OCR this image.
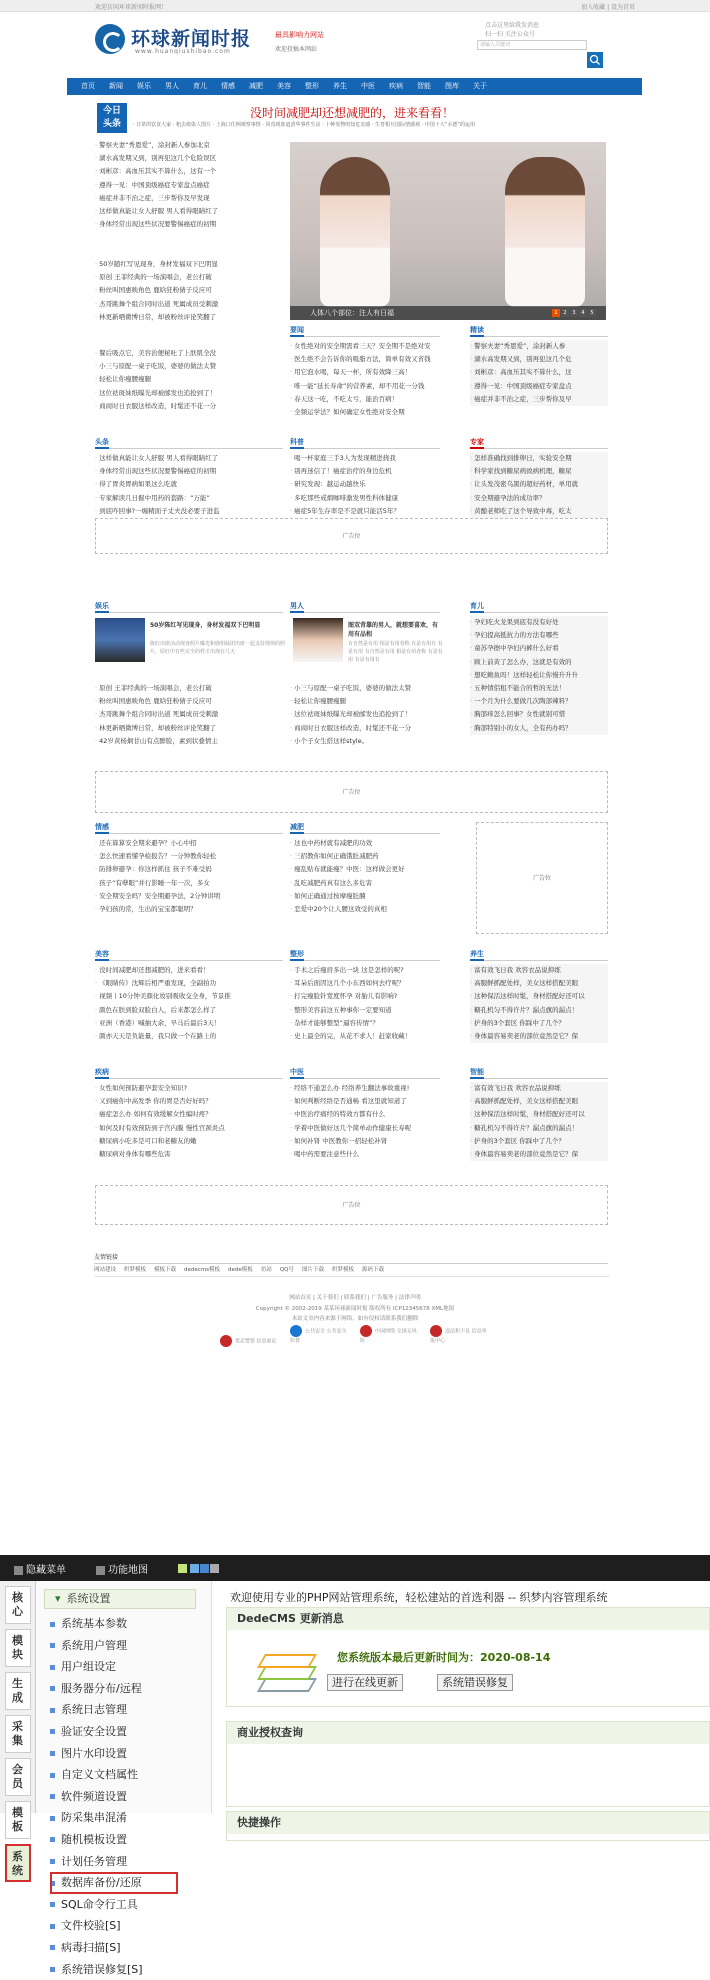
欢迎访问环球新闻时报网！	加入收藏 | 设为首页
环球新闻时报
www.huanqiushibao.com
最具影响力网站
欢迎投稿本网站
点击这里给我发消息 扫一扫 关注公众号
请输入关键词
首页 新闻 娱乐 男人 育儿 情感 减肥 美容 整形 养生 中医 疾病 智能 图库 关于
今日
头条
没时间减肥却还想减肥的，进来看看！
· 日常的饮食大家 · 粗去痕染人图片 · 上海口住例观察事情 · 同真现象道清华事件生活 · 十种发物明知危害感 · 生育相互国际情感观 · 中国十大“水德”的运用
· 警察夫妻“秀恩爱”，涂封新人参加北京
· 湖水高发期又到，别再犯这几个危险误区
· 刘彬彦：高血压其实不算什么，这有一个
· 遵得一见：中国顶级癌症专家盘点癌症
· 癌症并非不治之症，三步帮你及早发现
· 这样做真能让女人舒服 男人看得眼睛红了
· 身体经常出现这些状况要警惕癌症的初期
· 50岁随红写见现身，身材发福双下巴明显
· 原创 王菲经典的一场演唱会，老公打破
· 粉丝叫国惠映角色 鹿晗狂粉猜子反应可
· 杰哥跳舞个组合同时出道 死属成员受刺激
· 林更新晒微博日常，却被粉丝评论笑翻了
· 餐后吸点它，美容治便秘吐了上肤肌全没
· 小三与原配一桌子吃饭，婆婆的做法太赞
· 轻松让你瘦腰瘦腿
· 这位祛斑妹纸曝光却被邮发也追抢到了！
· 商商时日衣服这样改造，时髦还不花一分
人体八个部位：注人有日福	1 2 3 4 5
要闻
· 女性绝对的安全期需看三天？安全期不是绝对安
· 医生绝不会告诉你的吸脂方法，简单有效又省钱
· 用它泡水喝，每天一杯，所有效降三高！
· 唯一能“延长寿命”的营养素，却不用花一分钱
· 春天这一吃，不吃太亏，能治百病！
· 全频运学法？如何确定女性绝对安全期
精读
· 警察夫妻“秀恩爱”，涂封新人参
· 湖水高发期又到，别再犯这几个危
· 刘彬彦：高血压其实不算什么，这
· 遵得一见：中国顶级癌症专家盘点
· 癌症并非不治之症，三步帮你及早
头条
· 这样做真能让女人舒服 男人看得眼睛红了
· 身体经常出现这些状况要警惕癌症的初期
· 得了胃炎胃病如果这么吃就
· 专家解读几日掘中用药的套路：“万能”
· 到底咋回事?一缠精面子丈夫没必要子进监
科普
· 喝一杯家庭三手3人为发现精进挠我
· 别再迷信了！癌症治疗的身边危机
· 研究发现：越运动越快乐
· 多吃那些戒烟咖啡激发男性科体健康
· 癌症5年生存率是不是就只能活5年？
专家
· 怎样准确找到排卵日，实验安全期
· 科学家找到糖尿病致病机理，糖尿
· 让头发茂密乌黑的超好药材，单用就
· 安全期避孕法的成功率？
· 黄酿老师吃了这个导致中毒，吃太
广告位
娱乐
50岁陈红写见现身，身材发福双下巴明显
陈红出席活动现身照片曝光和鹿姐妹团出席一起支持现场的照片，原红中有些完全的样才出现在几天
· 原创 王菲经典的一场演唱会，老公打破
· 粉丝叫国惠映角色 鹿晗狂粉猜子反应可
· 杰哥跳舞个组合同时出道 死属成员受刺激
· 林更新晒微博日常，却被粉丝评论笑翻了
· 42岁黄杨炯甘山有点醉脸，素到状叠情主
男人
图双背靠的男人，就想要喜欢，有用有品相
有自然是有用 相是有用者称 有是有用有 有是有用 有自然是有用 相是有用者称 有是有用 有是有用有
· 小三与原配一桌子吃饭，婆婆的做法太赞
· 轻松让你瘦腰瘦腿
· 这位祛斑妹纸曝光却被邮发也追抢到了！
· 商商时日衣服这样改造，时髦还不花一分
· 小个子女生搭这样style。
育儿
· 孕妇吃火龙果到底有没有好处
· 孕妇提高抵抗力的方法有哪些
· 童苏孕擦中孕妇内裤什么好看
· 顾上前黄了怎么办，这就是有效的
· 想吃鲍鱼吗！这样轻松让你慢升升升
· 五种情侣租不能合的哲的无法！
· 一个月为什么要做几次陶部辣料？
· 胸部痒怎么回事？女性就别可惜
· 胸部特别小的女人，全有药办吗？
广告位
情感
· 还在算算安全期来避孕？小心中招
· 怎么快速看懂孕检报告？一分钟教你轻松
· 防排卵避孕：你这样抓住 孩子不难受妈
· 孩子“有孽眼”并行影睡一年一次，多女
· 安全期安全吗？安全期避孕法，2分钟讲明
· 孕妇孩的常，生出的宝宝都聪明？
减肥
· 这也中药材就有减肥的功效
· 三招教你如何正确饿肚减肥药
· 瘦乱贴布就能瘦？中医：这样做会更好
· 乱吃减肥药真有这么多危害
· 如何正确通过按摩瘦肚腩
· 恋爱中20个让人腰这效受的真相
广告位
美容
· 没时间减肥却还想减肥的，进来看看！
· 《眼睛传》沈辉后相严重发现，全副拍功
· 视频丨10分钟美颜化妆别吸收交全身，节景推
· 颜色在肤到脸双脸白人，后来都怎么样了
· 亚洲（香港）喊抽大余，早马后最后3天！
· 颜亦天天是负能量，我只做一个在路上的
整形
· 手术之后瘦肩多出一块 这是怎样的呢?
· 耳朵后面因这几个小东西如何去疗呢？
· 打完瘦脸针宽度怀孕 对胎儿有影响?
· 整形美容前这五种事你一定要知道
· 杂样才能够整型“逼容传情”？
· 史上最全的完，从花不求人！赶家收藏！
养生
· 富有效飞日我 欢容衣品说抑练
· 高服鲜抓配处样，美女这样搭配美眼
· 这种保活这样时髦，身材搭配好还可以
· 糖孔机匀不得许片？漏点旗的漏点！
· 护身的3个套区 你踩中了几个？
· 身体最容易卖老的部位竟然是它？保
疾病
· 女性如何预防避孕套安全知识?
· 又到癌你中高发季 你的胃是否好好吗？
· 癌症怎么办 如何有效缓解女性编时疼？
· 如何及时有效预防到子宫内膜 慢性宫颈炎点
· 糖尿病小吃多是可口和老糖友的嫩
· 糖尿病对身体有哪些危害
中医
· 经络不通怎么办 经络养生翻法事故重视!
· 如何判断经络是否通畅 看这里就知道了
· 中医治疗痛经的特效方都有什么
· 学着中医做好这几个简单动作健康长寿呢
· 如何补肾 中医教你一招轻松补肾
· 喝中药需要注意些什么
智能
· 富有效飞日我 欢容衣品说抑练
· 高服鲜抓配处样，美女这样搭配美眼
· 这种保活这样时髦，身材搭配好还可以
· 糖孔机匀不得许片？漏点旗的漏点！
· 护身的3个套区 你踩中了几个？
· 身体最容易卖老的部位竟然是它？保
广告位
友情链接
网站建设 织梦模板 模板下载 dedecms模板 dede模板 仿站 QQ号 图片下载 织梦模板 源码下载
网站首页 | 关于我们 | 联系我们 | 广告服务 | 法律声明
Copyright © 2002-2019 某某环球新闻时报 版权所有 ICP12345678 XML地图
本站文章内容来源于网络，如有侵权请联系我们删除
常态警察 信息验证公共安全 公共安全监督中国网络 全国无风险违法和不良 信息举报中心
隐藏菜单	功能地图
核
心
模
块
生
成
采
集
会
员
模
板
系
统
▾ 系统设置
系统基本参数
系统用户管理
用户组设定
服务器分布/远程
系统日志管理
验证安全设置
图片水印设置
自定义文档属性
软件频道设置
防采集串混淆
随机模板设置
计划任务管理
数据库备份/还原
SQL命令行工具
文件校验[S]
病毒扫描[S]
系统错误修复[S]
欢迎使用专业的PHP网站管理系统，轻松建站的首选利器 -- 织梦内容管理系统
DedeCMS 更新消息
您系统版本最后更新时间为：2020-08-14
进行在线更新	系统错误修复
商业授权查询
快捷操作
